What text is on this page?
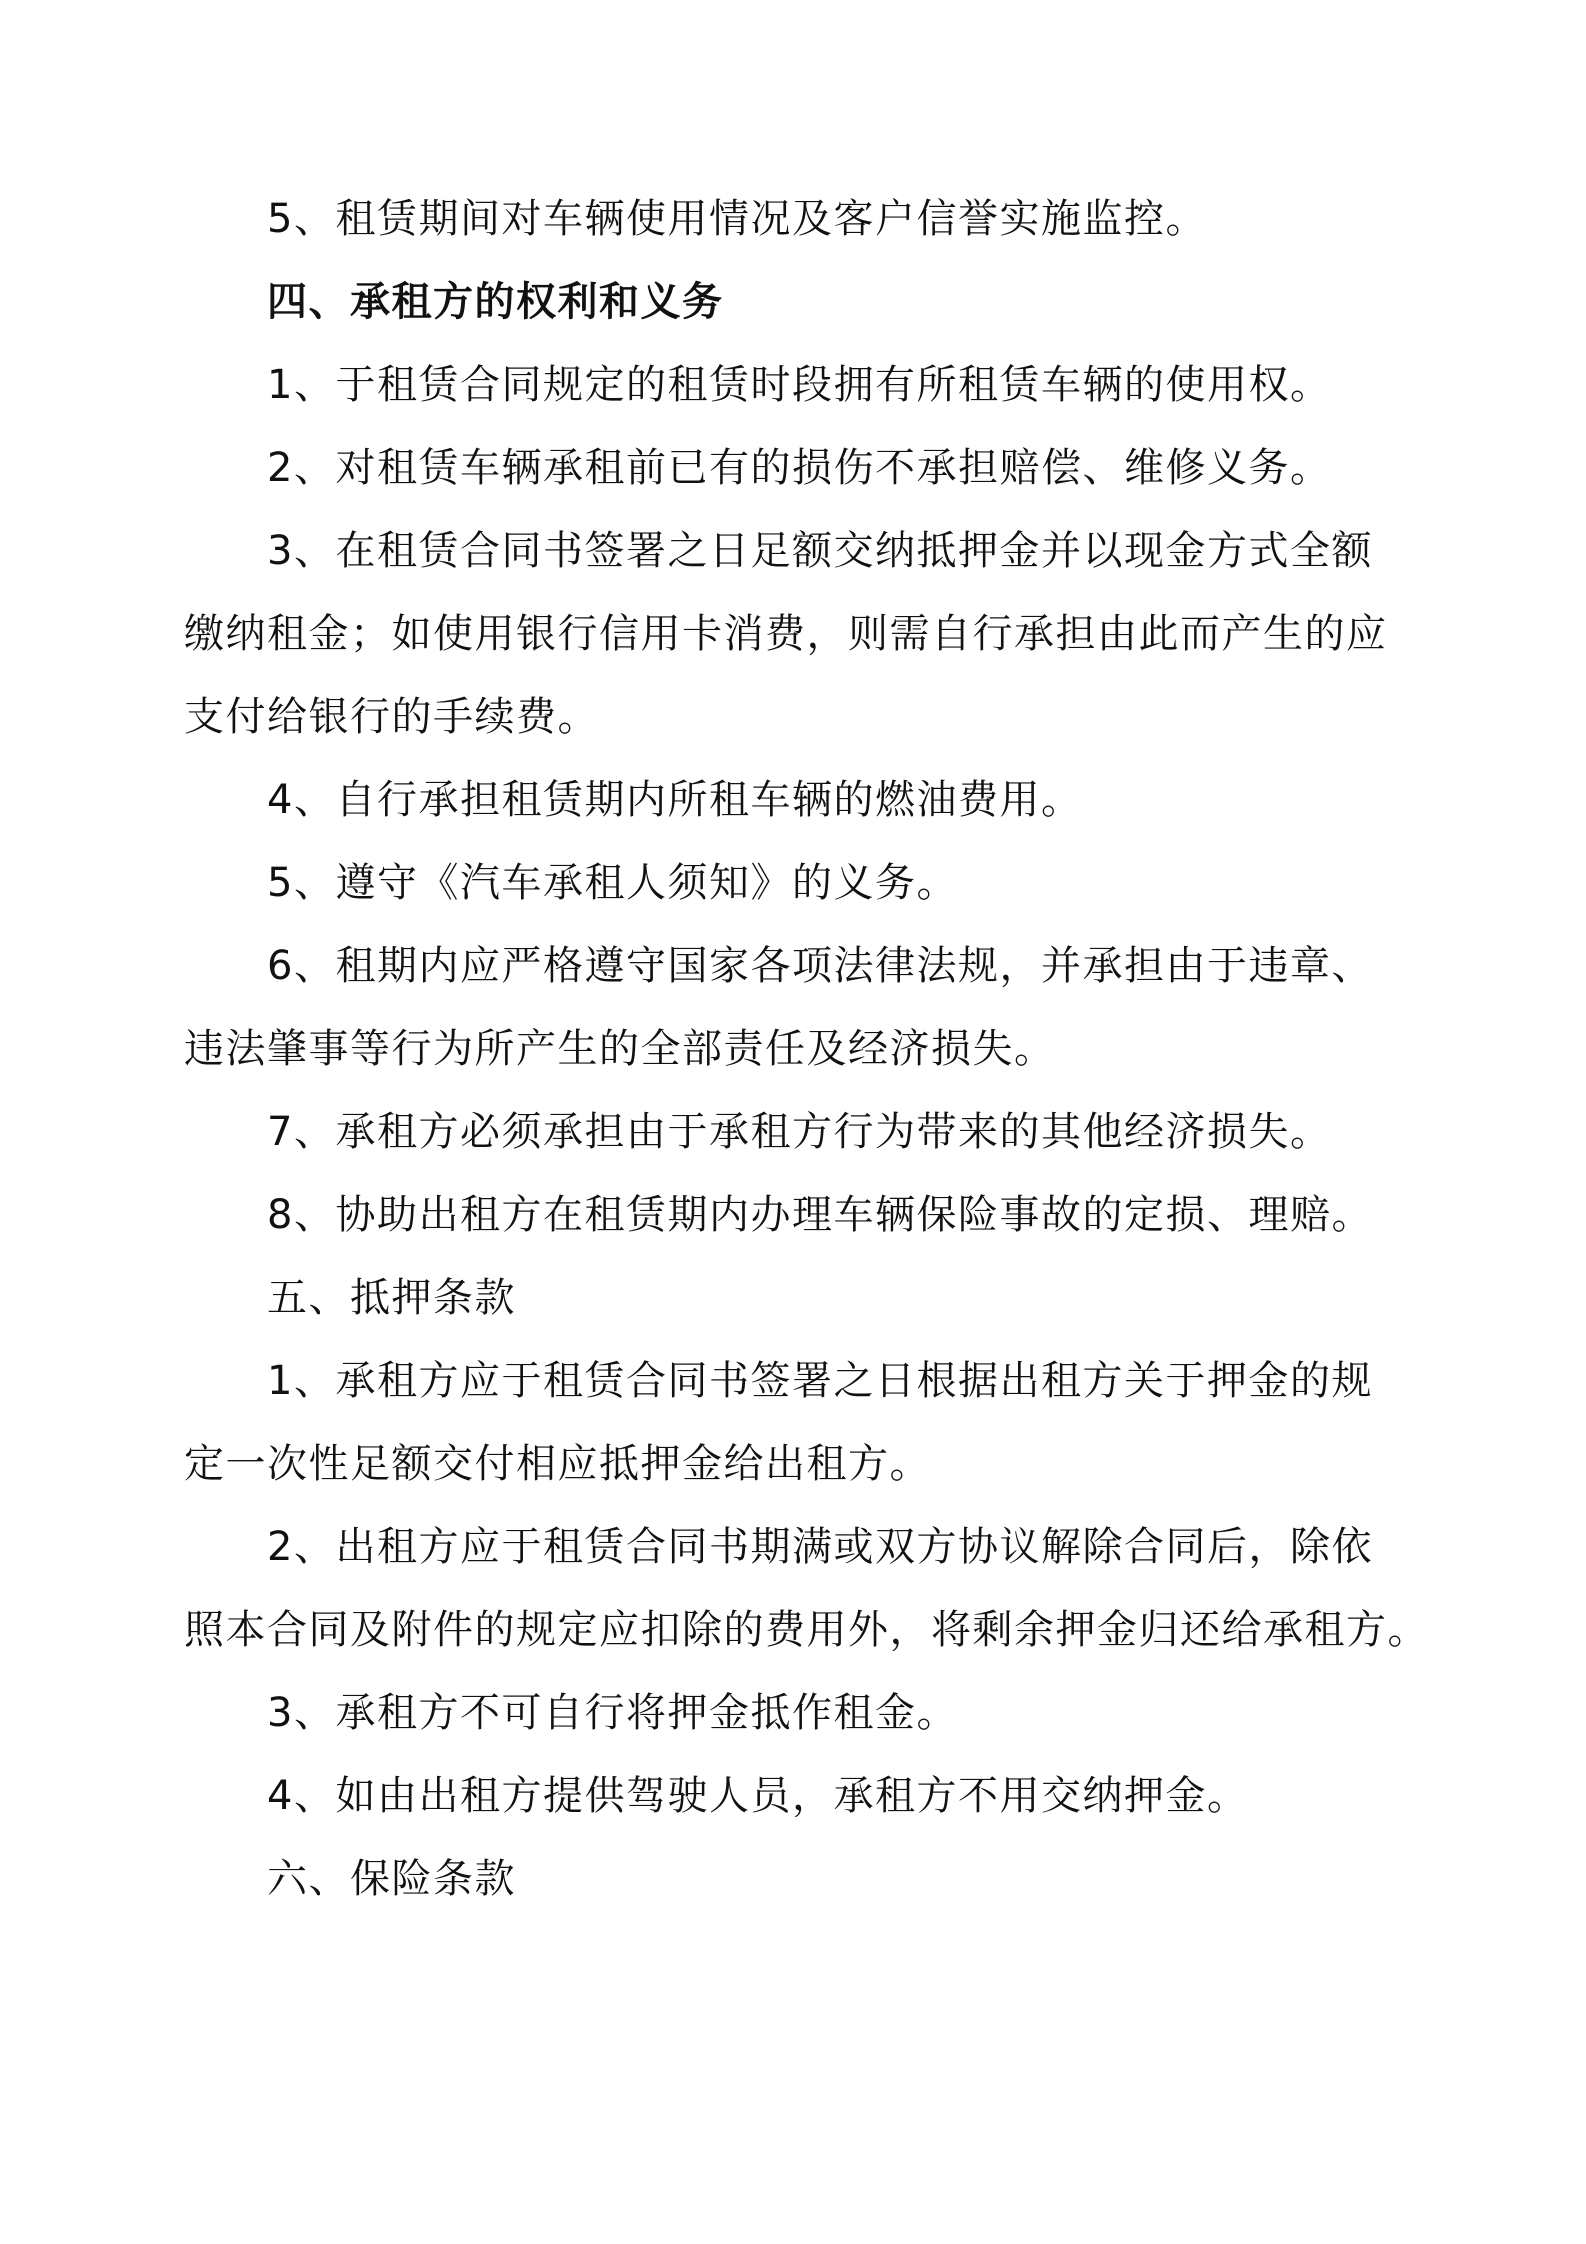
5、租赁期间对车辆使用情况及客户信誉实施监控。
四、承租方的权利和义务
1、于租赁合同规定的租赁时段拥有所租赁车辆的使用权。
2、对租赁车辆承租前已有的损伤不承担赔偿、维修义务。
3、在租赁合同书签署之日足额交纳抵押金并以现金方式全额
缴纳租金；如使用银行信用卡消费，则需自行承担由此而产生的应
支付给银行的手续费。
4、自行承担租赁期内所租车辆的燃油费用。
5、遵守《汽车承租人须知》的义务。
6、租期内应严格遵守国家各项法律法规，并承担由于违章、
违法肇事等行为所产生的全部责任及经济损失。
7、承租方必须承担由于承租方行为带来的其他经济损失。
8、协助出租方在租赁期内办理车辆保险事故的定损、理赔。
五、抵押条款
1、承租方应于租赁合同书签署之日根据出租方关于押金的规
定一次性足额交付相应抵押金给出租方。
2、出租方应于租赁合同书期满或双方协议解除合同后，除依
照本合同及附件的规定应扣除的费用外，将剩余押金归还给承租方。
3、承租方不可自行将押金抵作租金。
4、如由出租方提供驾驶人员，承租方不用交纳押金。
六、保险条款
